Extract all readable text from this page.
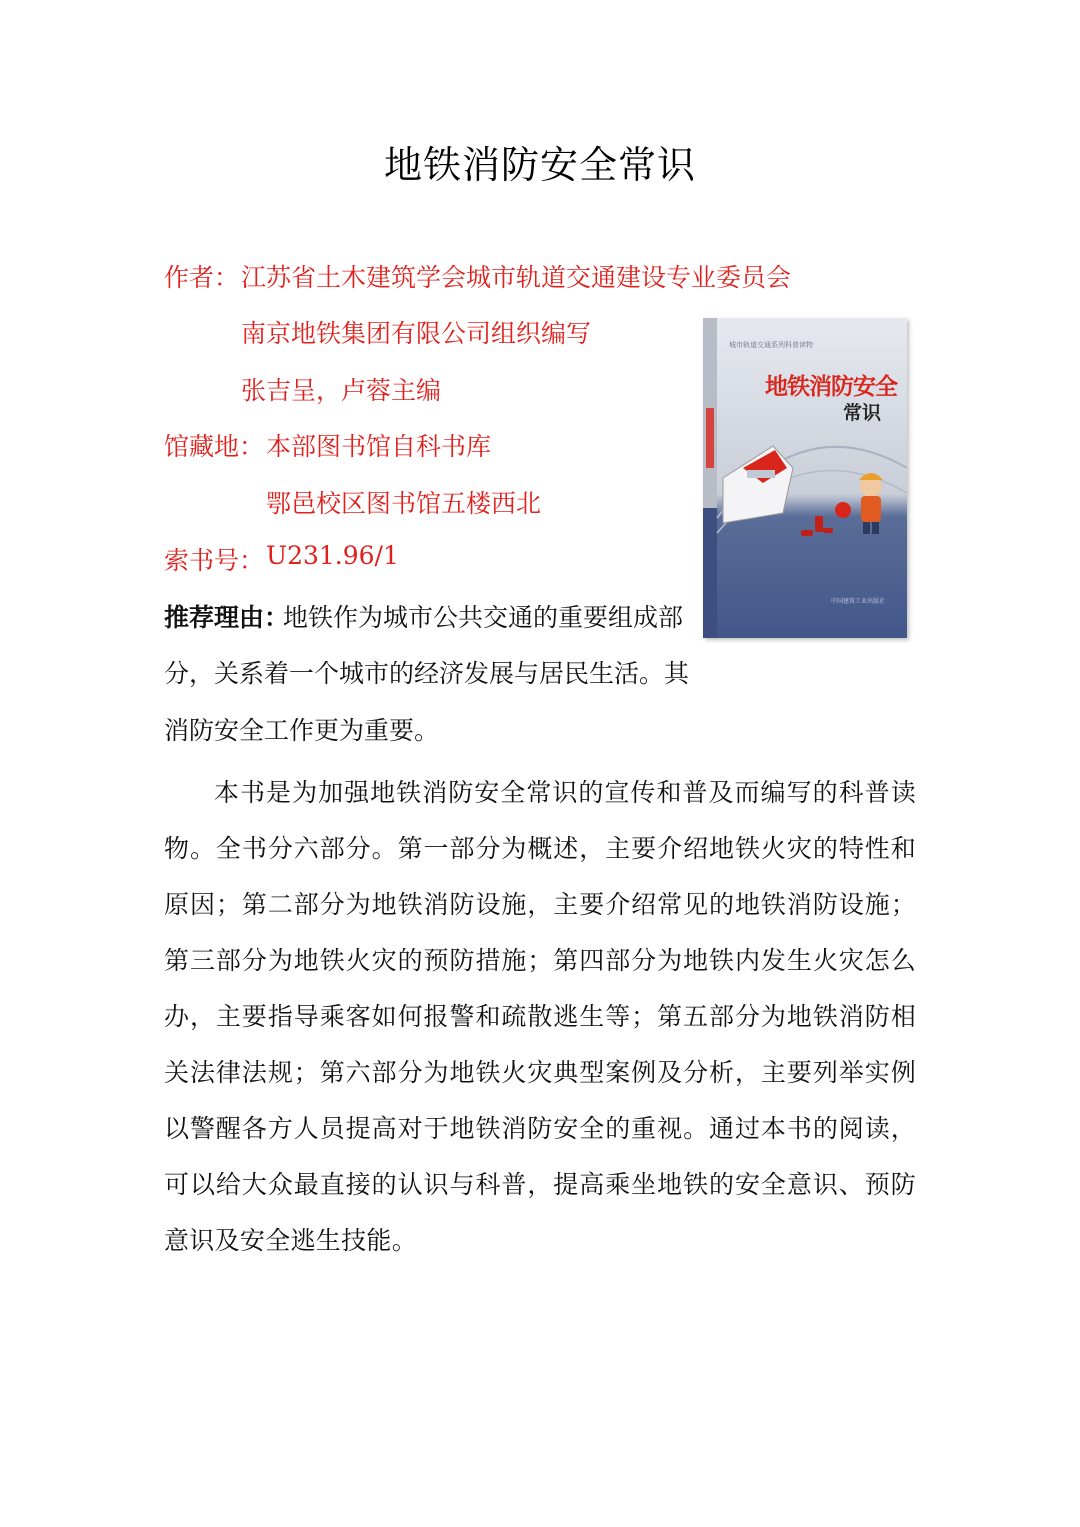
地铁消防安全常识
作者： 江苏省土木建筑学会城市轨道交通建设专业委员会
南京地铁集团有限公司组织编写
张吉呈，卢蓉主编
馆藏地： 本部图书馆自科书库
鄂邑校区图书馆五楼西北
索书号： U231.96/1
推荐理由：
地铁作为城市公共交通的重要组成部
分，关系着一个城市的经济发展与居民生活。其
消防安全工作更为重要。
本书是为加强地铁消防安全常识的宣传和普及而编写的科普读物。全书分六部分。第一部分为概述，主要介绍地铁火灾的特性和原因；第二部分为地铁消防设施，主要介绍常见的地铁消防设施；第三部分为地铁火灾的预防措施；第四部分为地铁内发生火灾怎么办，主要指导乘客如何报警和疏散逃生等；第五部分为地铁消防相关法律法规；第六部分为地铁火灾典型案例及分析，主要列举实例以警醒各方人员提高对于地铁消防安全的重视。通过本书的阅读，可以给大众最直接的认识与科普，提高乘坐地铁的安全意识、预防意识及安全逃生技能。
城市轨道交通系列科普读物
地铁消防安全
常识
中国建筑工业出版社
